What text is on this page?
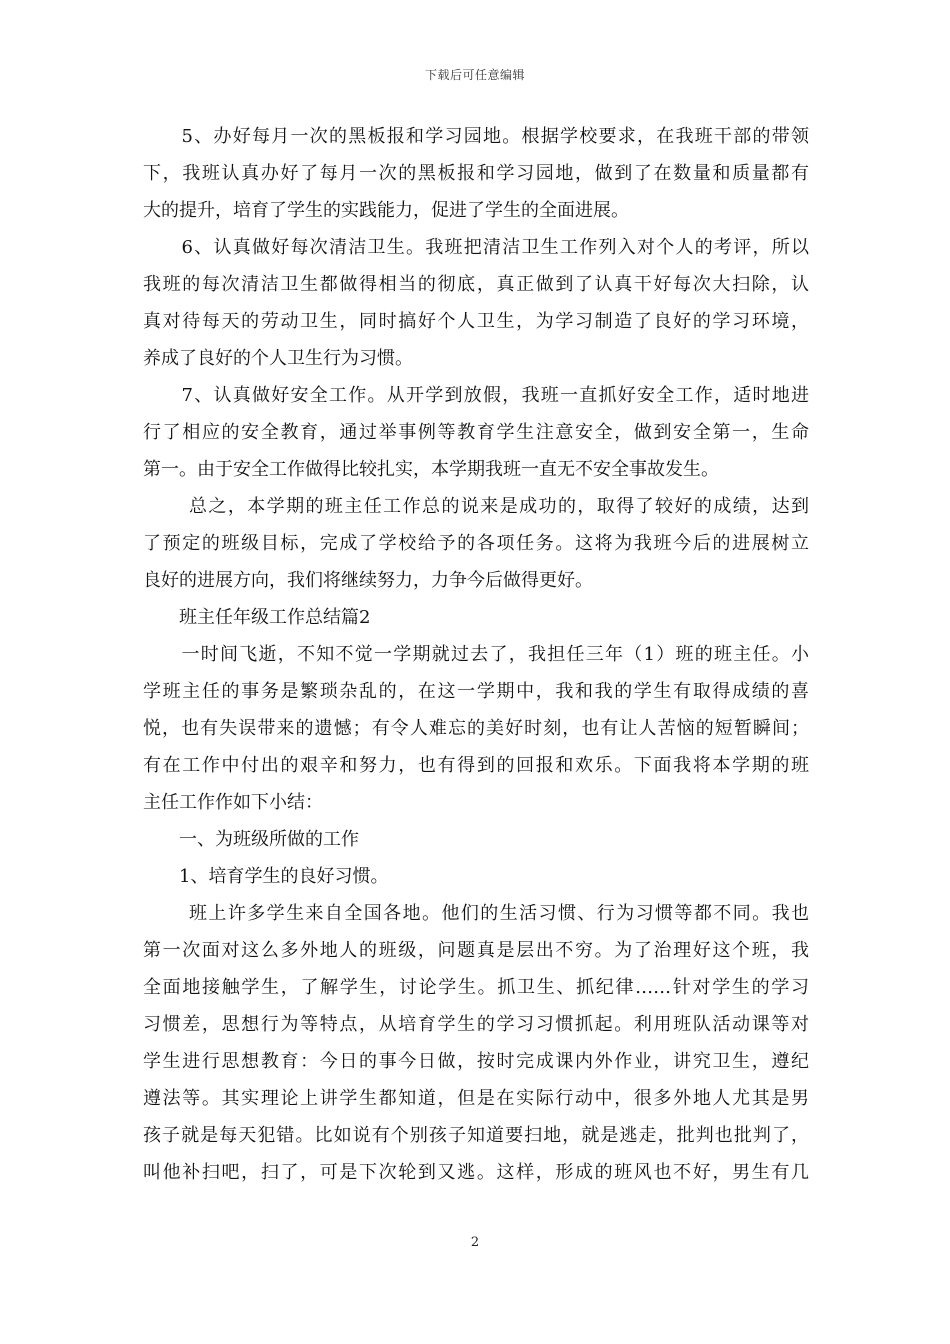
下载后可任意编辑
　　5、办好每月一次的黑板报和学习园地。根据学校要求，在我班干部的带领
下，我班认真办好了每月一次的黑板报和学习园地，做到了在数量和质量都有
大的提升，培育了学生的实践能力，促进了学生的全面进展。
　　6、认真做好每次清洁卫生。我班把清洁卫生工作列入对个人的考评，所以
我班的每次清洁卫生都做得相当的彻底，真正做到了认真干好每次大扫除，认
真对待每天的劳动卫生，同时搞好个人卫生，为学习制造了良好的学习环境，
养成了良好的个人卫生行为习惯。
　　7、认真做好安全工作。从开学到放假，我班一直抓好安全工作，适时地进
行了相应的安全教育，通过举事例等教育学生注意安全，做到安全第一，生命
第一。由于安全工作做得比较扎实，本学期我班一直无不安全事故发生。
　　 总之，本学期的班主任工作总的说来是成功的，取得了较好的成绩，达到
了预定的班级目标，完成了学校给予的各项任务。这将为我班今后的进展树立
良好的进展方向，我们将继续努力，力争今后做得更好。
　　班主任年级工作总结篇2
　　一时间飞逝，不知不觉一学期就过去了，我担任三年（1）班的班主任。小
学班主任的事务是繁琐杂乱的，在这一学期中，我和我的学生有取得成绩的喜
悦，也有失误带来的遗憾；有令人难忘的美好时刻，也有让人苦恼的短暂瞬间；
有在工作中付出的艰辛和努力，也有得到的回报和欢乐。下面我将本学期的班
主任工作作如下小结：
　　一、为班级所做的工作
　　1、培育学生的良好习惯。
　　 班上许多学生来自全国各地。他们的生活习惯、行为习惯等都不同。我也
第一次面对这么多外地人的班级，问题真是层出不穷。为了治理好这个班，我
全面地接触学生，了解学生，讨论学生。抓卫生、抓纪律……针对学生的学习
习惯差，思想行为等特点，从培育学生的学习习惯抓起。利用班队活动课等对
学生进行思想教育：今日的事今日做，按时完成课内外作业，讲究卫生，遵纪
遵法等。其实理论上讲学生都知道，但是在实际行动中，很多外地人尤其是男
孩子就是每天犯错。比如说有个别孩子知道要扫地，就是逃走，批判也批判了，
叫他补扫吧，扫了，可是下次轮到又逃。这样，形成的班风也不好，男生有几
2
